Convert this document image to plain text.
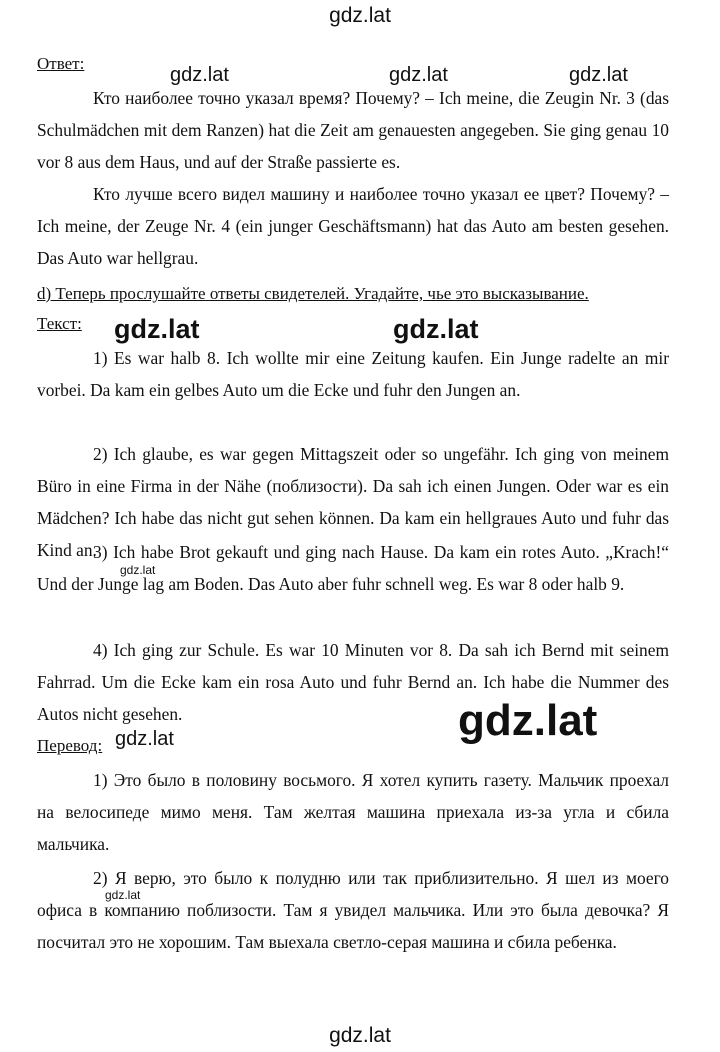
gdz.lat
gdz.lat
Ответ:

Кто наиболее точно указал время? Почему? – Ich meine, die Zeugin Nr. 3 (das Schulmädchen mit dem Ranzen) hat die Zeit am genauesten angegeben. Sie ging genau 10 vor 8 aus dem Haus, und auf der Straße passierte es.

Кто лучше всего видел машину и наиболее точно указал ее цвет? Почему? – Ich meine, der Zeuge Nr. 4 (ein junger Geschäftsmann) hat das Auto am besten gesehen. Das Auto war hellgrau.

d) Теперь прослушайте ответы свидетелей. Угадайте, чье это высказывание.
Текст:

1) Es war halb 8. Ich wollte mir eine Zeitung kaufen. Ein Junge radelte an mir vorbei. Da kam ein gelbes Auto um die Ecke und fuhr den Jungen an.

2) Ich glaube, es war gegen Mittagszeit oder so ungefähr. Ich ging von meinem Büro in eine Firma in der Nähe (поблизости). Da sah ich einen Jungen. Oder war es ein Mädchen? Ich habe das nicht gut sehen können. Da kam ein hellgraues Auto und fuhr das Kind an.

3) Ich habe Brot gekauft und ging nach Hause. Da kam ein rotes Auto. „Krach!“ Und der Junge lag am Boden. Das Auto aber fuhr schnell weg. Es war 8 oder halb 9.

4) Ich ging zur Schule. Es war 10 Minuten vor 8. Da sah ich Bernd mit seinem Fahrrad. Um die Ecke kam ein rosa Auto und fuhr Bernd an. Ich habe die Nummer des Autos nicht gesehen.

Перевод:

1) Это было в половину восьмого. Я хотел купить газету. Мальчик проехал на велосипеде мимо меня. Там желтая машина приехала из-за угла и сбила мальчика.

2) Я верю, это было к полудню или так приблизительно. Я шел из моего офиса в компанию поблизости. Там я увидел мальчика. Или это была девочка? Я посчитал это не хорошим. Там выехала светло-серая машина и сбила ребенка.

gdz.lat	gdz.lat	gdz.lat
gdz.lat	gdz.lat
gdz.lat
gdz.lat
gdz.lat
gdz.lat
